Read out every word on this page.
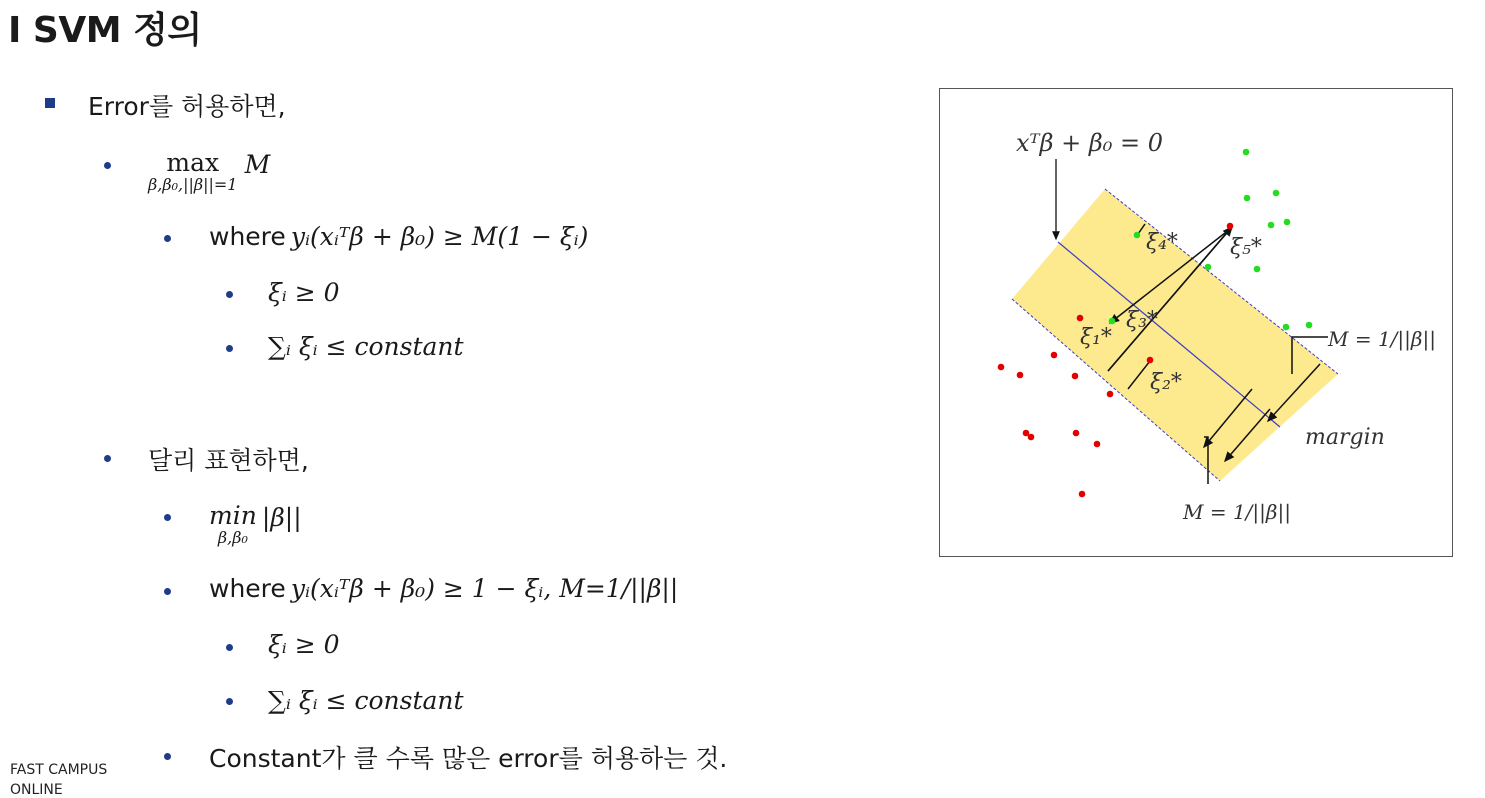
I SVM 정의
Error를 허용하면,
max
β,β₀,||β||=1
M
where yᵢ(xᵢᵀβ + β₀) ≥ M(1 − ξᵢ)
ξᵢ ≥ 0
∑ᵢ ξᵢ ≤ constant
달리 표현하면,
min
β,β₀
|β||
where yᵢ(xᵢᵀβ + β₀) ≥ 1 − ξᵢ, M=1/||β||
ξᵢ ≥ 0
∑ᵢ ξᵢ ≤ constant
Constant가 클 수록 많은 error를 허용하는 것.
FAST CAMPUS
ONLINE
xᵀβ + β₀ = 0
ξ₁*
ξ₂*
ξ₃*
ξ₄* ξ₅*
M = 1/||β||
margin
M = 1/||β||
